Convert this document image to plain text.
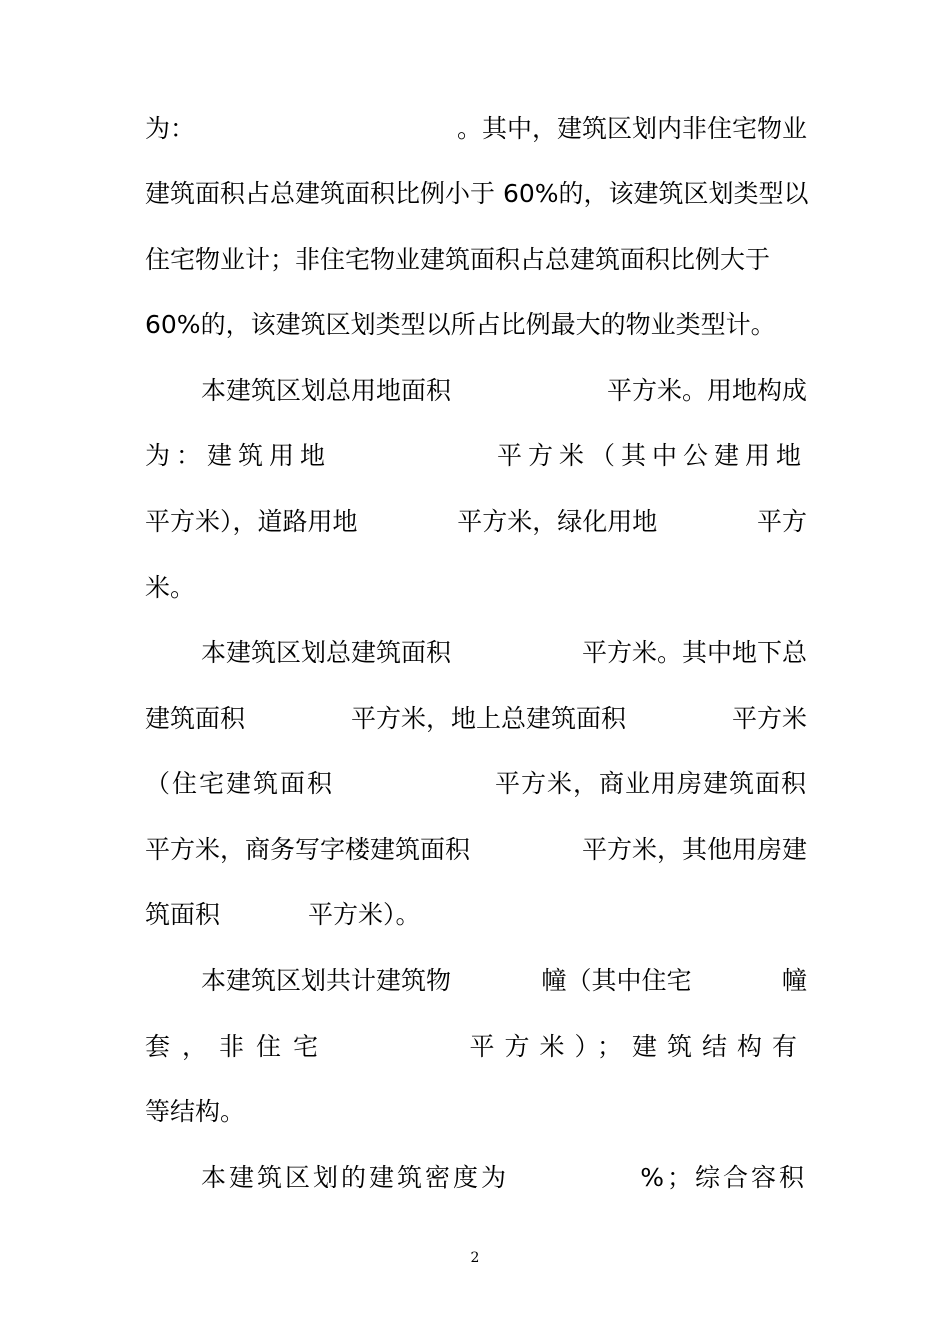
为：	。其中，建筑区划内非住宅物业
建筑面积占总建筑面积比例小于 60%的，该建筑区划类型以
住宅物业计；非住宅物业建筑面积占总建筑面积比例大于
60%的，该建筑区划类型以所占比例最大的物业类型计。
本建筑区划总用地面积	平方米。用地构成
为：建筑用地	平方米（其中公建用地
平方米），道路用地	平方米，绿化用地	平方
米。
本建筑区划总建筑面积	平方米。其中地下总
建筑面积	平方米，地上总建筑面积	平方米
（住宅建筑面积	平方米，商业用房建筑面积
平方米，商务写字楼建筑面积	平方米，其他用房建
筑面积	平方米）。
本建筑区划共计建筑物	幢（其中住宅	幢
套，非住宅	平方米）；建筑结构有
等结构。
本建筑区划的建筑密度为	%；综合容积
2
